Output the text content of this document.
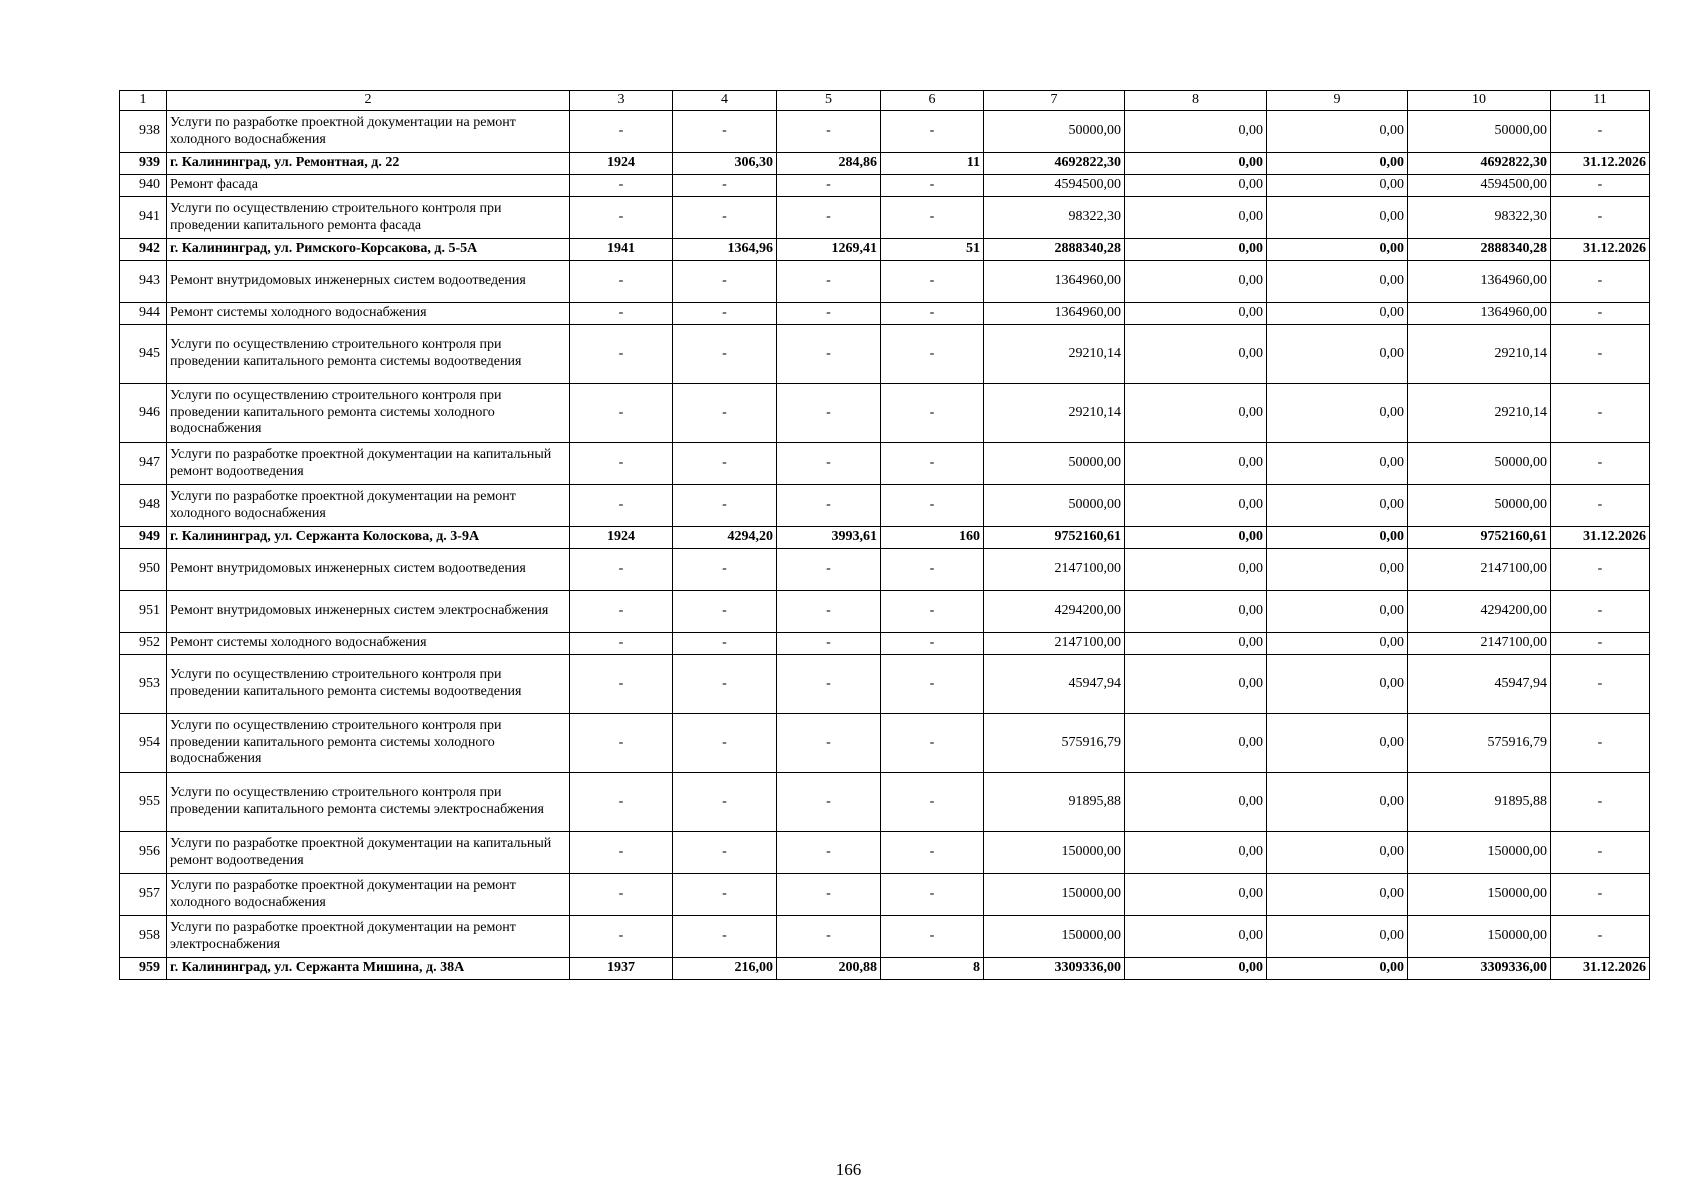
1	2	3	4	5	6	7	8	9	10	11
938	Услуги по разработке проектной документации на ремонт холодного водоснабжения	-	-	-	-	50000,00	0,00	0,00	50000,00	-
939	г. Калининград, ул. Ремонтная, д. 22	1924	306,30	284,86	11	4692822,30	0,00	0,00	4692822,30	31.12.2026
940	Ремонт фасада	-	-	-	-	4594500,00	0,00	0,00	4594500,00	-
941	Услуги по осуществлению строительного контроля при проведении капитального ремонта фасада	-	-	-	-	98322,30	0,00	0,00	98322,30	-
942	г. Калининград, ул. Римского-Корсакова, д. 5-5А	1941	1364,96	1269,41	51	2888340,28	0,00	0,00	2888340,28	31.12.2026
943	Ремонт внутридомовых инженерных систем водоотведения	-	-	-	-	1364960,00	0,00	0,00	1364960,00	-
944	Ремонт системы холодного водоснабжения	-	-	-	-	1364960,00	0,00	0,00	1364960,00	-
945	Услуги по осуществлению строительного контроля при проведении капитального ремонта системы водоотведения	-	-	-	-	29210,14	0,00	0,00	29210,14	-
946	Услуги по осуществлению строительного контроля при проведении капитального ремонта системы холодного водоснабжения	-	-	-	-	29210,14	0,00	0,00	29210,14	-
947	Услуги по разработке проектной документации на капитальный ремонт водоотведения	-	-	-	-	50000,00	0,00	0,00	50000,00	-
948	Услуги по разработке проектной документации на ремонт холодного водоснабжения	-	-	-	-	50000,00	0,00	0,00	50000,00	-
949	г. Калининград, ул. Сержанта Колоскова, д. 3-9А	1924	4294,20	3993,61	160	9752160,61	0,00	0,00	9752160,61	31.12.2026
950	Ремонт внутридомовых инженерных систем водоотведения	-	-	-	-	2147100,00	0,00	0,00	2147100,00	-
951	Ремонт внутридомовых инженерных систем электроснабжения	-	-	-	-	4294200,00	0,00	0,00	4294200,00	-
952	Ремонт системы холодного водоснабжения	-	-	-	-	2147100,00	0,00	0,00	2147100,00	-
953	Услуги по осуществлению строительного контроля при проведении капитального ремонта системы водоотведения	-	-	-	-	45947,94	0,00	0,00	45947,94	-
954	Услуги по осуществлению строительного контроля при проведении капитального ремонта системы холодного водоснабжения	-	-	-	-	575916,79	0,00	0,00	575916,79	-
955	Услуги по осуществлению строительного контроля при проведении капитального ремонта системы электроснабжения	-	-	-	-	91895,88	0,00	0,00	91895,88	-
956	Услуги по разработке проектной документации на капитальный ремонт водоотведения	-	-	-	-	150000,00	0,00	0,00	150000,00	-
957	Услуги по разработке проектной документации на ремонт холодного водоснабжения	-	-	-	-	150000,00	0,00	0,00	150000,00	-
958	Услуги по разработке проектной документации на ремонт электроснабжения	-	-	-	-	150000,00	0,00	0,00	150000,00	-
959	г. Калининград, ул. Сержанта Мишина, д. 38А	1937	216,00	200,88	8	3309336,00	0,00	0,00	3309336,00	31.12.2026
166
